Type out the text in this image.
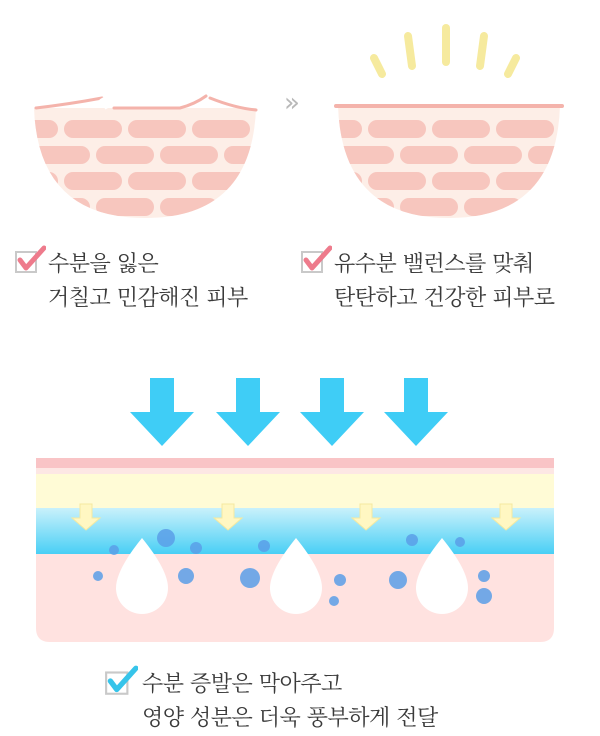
»
수분을 잃은
거칠고 민감해진 피부
유수분 밸런스를 맞춰
탄탄하고 건강한 피부로
수분 증발은 막아주고
영양 성분은 더욱 풍부하게 전달
